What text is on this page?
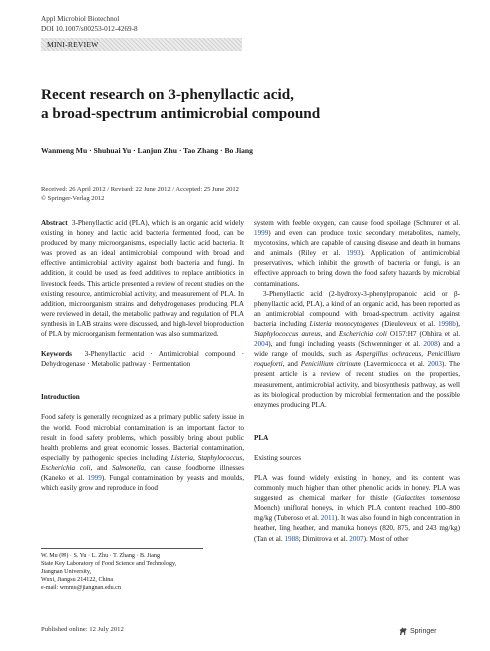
Appl Microbiol Biotechnol
DOI 10.1007/s00253-012-4269-8
MINI-REVIEW
Recent research on 3-phenyllactic acid,
a broad-spectrum antimicrobial compound
Wanmeng Mu · Shuhuai Yu · Lanjun Zhu · Tao Zhang · Bo Jiang
Received: 26 April 2012 / Revised: 22 June 2012 / Accepted: 25 June 2012
© Springer-Verlag 2012

Abstract 3-Phenyllactic acid (PLA), which is an organic acid widely existing in honey and lactic acid bacteria fermented food, can be produced by many microorganisms, especially lactic acid bacteria. It was proved as an ideal antimicrobial compound with broad and effective antimicrobial activity against both bacteria and fungi. In addition, it could be used as feed additives to replace antibiotics in livestock feeds. This article presented a review of recent studies on the existing resource, antimicrobial activity, and measurement of PLA. In addition, microorganism strains and dehydrogenases producing PLA were reviewed in detail, the metabolic pathway and regulation of PLA synthesis in LAB strains were discussed, and high-level bioproduction of PLA by microorganism fermentation was also summarized.

Keywords 3-Phenyllactic acid · Antimicrobial compound · Dehydrogenase · Metabolic pathway · Fermentation

Introduction

Food safety is generally recognized as a primary public safety issue in the world. Food microbial contamination is an important factor to result in food safety problems, which possibly bring about public health problems and great economic losses. Bacterial contamination, especially by pathogenic species including Listeria, Staphylococcus, Escherichia coli, and Salmonella, can cause foodborne illnesses (Kaneko et al. 1999). Fungal contamination by yeasts and moulds, which easily grow and reproduce in food

W. Mu (✉) · S. Yu · L. Zhu · T. Zhang · B. Jiang
State Key Laboratory of Food Science and Technology,
Jiangnan University,
Wuxi, Jiangsu 214122, China
e-mail: wmmu@jiangnan.edu.cn

system with feeble oxygen, can cause food spoilage (Schnurer et al. 1999) and even can produce toxic secondary metabolites, namely, mycotoxins, which are capable of causing disease and death in humans and animals (Riley et al. 1993). Application of antimicrobial preservatives, which inhibit the growth of bacteria or fungi, is an effective approach to bring down the food safety hazards by microbial contaminations.

3-Phenyllactic acid (2-hydroxy-3-phenylpropanoic acid or β-phenyllactic acid, PLA), a kind of an organic acid, has been reported as an antimicrobial compound with broad-spectrum activity against bacteria including Listeria monocytogenes (Dieuleveux et al. 1998b), Staphylococcus aureus, and Escherichia coli O157:H7 (Ohhira et al. 2004), and fungi including yeasts (Schwenninger et al. 2008) and a wide range of moulds, such as Aspergillus ochraceus, Penicillium roqueforti, and Penicillium citrinum (Lavermicocca et al. 2003). The present article is a review of recent studies on the properties, measurement, antimicrobial activity, and biosynthesis pathway, as well as its biological production by microbial fermentation and the possible enzymes producing PLA.

PLA

Existing sources

PLA was found widely existing in honey, and its content was commonly much higher than other phenolic acids in honey. PLA was suggested as chemical marker for thistle (Galactites tomentosa Moench) unifloral honeys, in which PLA content reached 100–800 mg/kg (Tuberoso et al. 2011). It was also found in high concentration in heather, ling heather, and manuka honeys (820, 875, and 243 mg/kg) (Tan et al. 1988; Dimitrova et al. 2007). Most of other

Published online: 12 July 2012	Springer
